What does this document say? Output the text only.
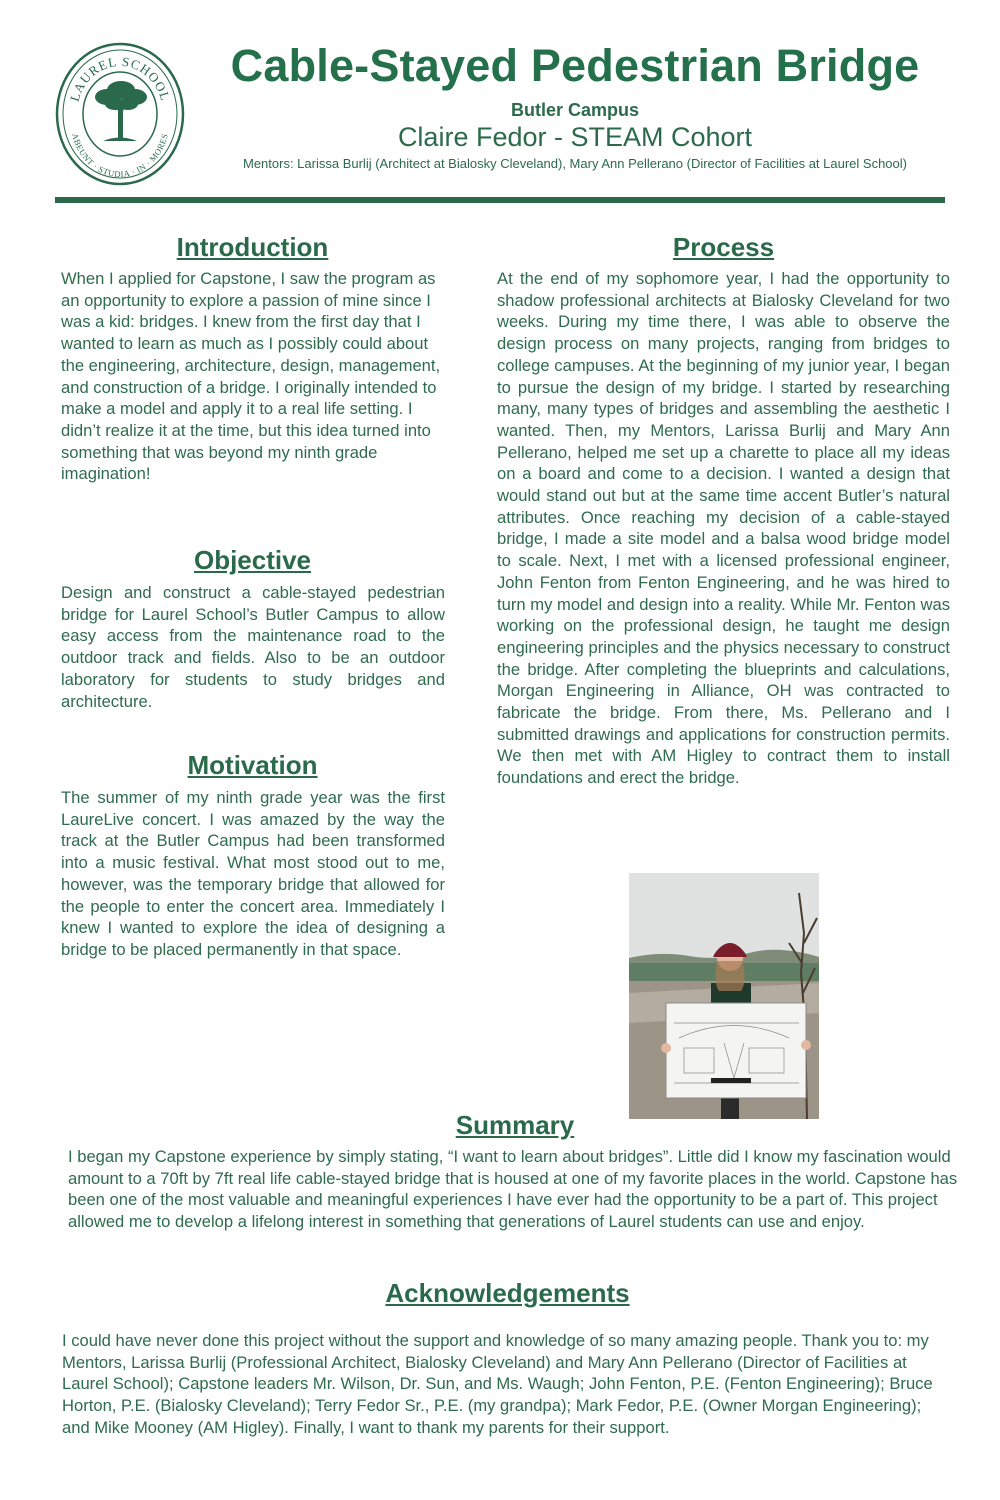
LAUREL SCHOOL
ABEUNT · STUDIA · IN · MORES
Cable-Stayed Pedestrian Bridge
Butler Campus
Claire Fedor - STEAM Cohort
Mentors: Larissa Burlij (Architect at Bialosky Cleveland), Mary Ann Pellerano (Director of Facilities at Laurel School)
Introduction

When I applied for Capstone, I saw the program as an opportunity to explore a passion of mine since I was a kid: bridges. I knew from the first day that I wanted to learn as much as I possibly could about the engineering, architecture, design, management, and construction of a bridge. I originally intended to make a model and apply it to a real life setting. I didn’t realize it at the time, but this idea turned into something that was beyond my ninth grade imagination!

Objective

Design and construct a cable-stayed pedestrian bridge for Laurel School’s Butler Campus to allow easy access from the maintenance road to the outdoor track and fields. Also to be an outdoor laboratory for students to study bridges and architecture.

Motivation

The summer of my ninth grade year was the first LaureLive concert. I was amazed by the way the track at the Butler Campus had been transformed into a music festival. What most stood out to me, however, was the temporary bridge that allowed for the people to enter the concert area. Immediately I knew I wanted to explore the idea of designing a bridge to be placed permanently in that space.

Process

At the end of my sophomore year, I had the opportunity to shadow professional architects at Bialosky Cleveland for two weeks. During my time there, I was able to observe the design process on many projects, ranging from bridges to college campuses. At the beginning of my junior year, I began to pursue the design of my bridge. I started by researching many, many types of bridges and assembling the aesthetic I wanted. Then, my Mentors, Larissa Burlij and Mary Ann Pellerano, helped me set up a charette to place all my ideas on a board and come to a decision. I wanted a design that would stand out but at the same time accent Butler’s natural attributes. Once reaching my decision of a cable-stayed bridge, I made a site model and a balsa wood bridge model to scale. Next, I met with a licensed professional engineer, John Fenton from Fenton Engineering, and he was hired to turn my model and design into a reality. While Mr. Fenton was working on the professional design, he taught me design engineering principles and the physics necessary to construct the bridge. After completing the blueprints and calculations, Morgan Engineering in Alliance, OH was contracted to fabricate the bridge. From there, Ms. Pellerano and I submitted drawings and applications for construction permits. We then met with AM Higley to contract them to install foundations and erect the bridge.

Summary

I began my Capstone experience by simply stating, “I want to learn about bridges”. Little did I know my fascination would amount to a 70ft by 7ft real life cable-stayed bridge that is housed at one of my favorite places in the world. Capstone has been one of the most valuable and meaningful experiences I have ever had the opportunity to be a part of. This project allowed me to develop a lifelong interest in something that generations of Laurel students can use and enjoy.

Acknowledgements

I could have never done this project without the support and knowledge of so many amazing people. Thank you to: my Mentors, Larissa Burlij (Professional Architect, Bialosky Cleveland) and Mary Ann Pellerano (Director of Facilities at Laurel School); Capstone leaders Mr. Wilson, Dr. Sun, and Ms. Waugh; John Fenton, P.E. (Fenton Engineering); Bruce Horton, P.E. (Bialosky Cleveland); Terry Fedor Sr., P.E. (my grandpa); Mark Fedor, P.E. (Owner Morgan Engineering); and Mike Mooney (AM Higley). Finally, I want to thank my parents for their support.
